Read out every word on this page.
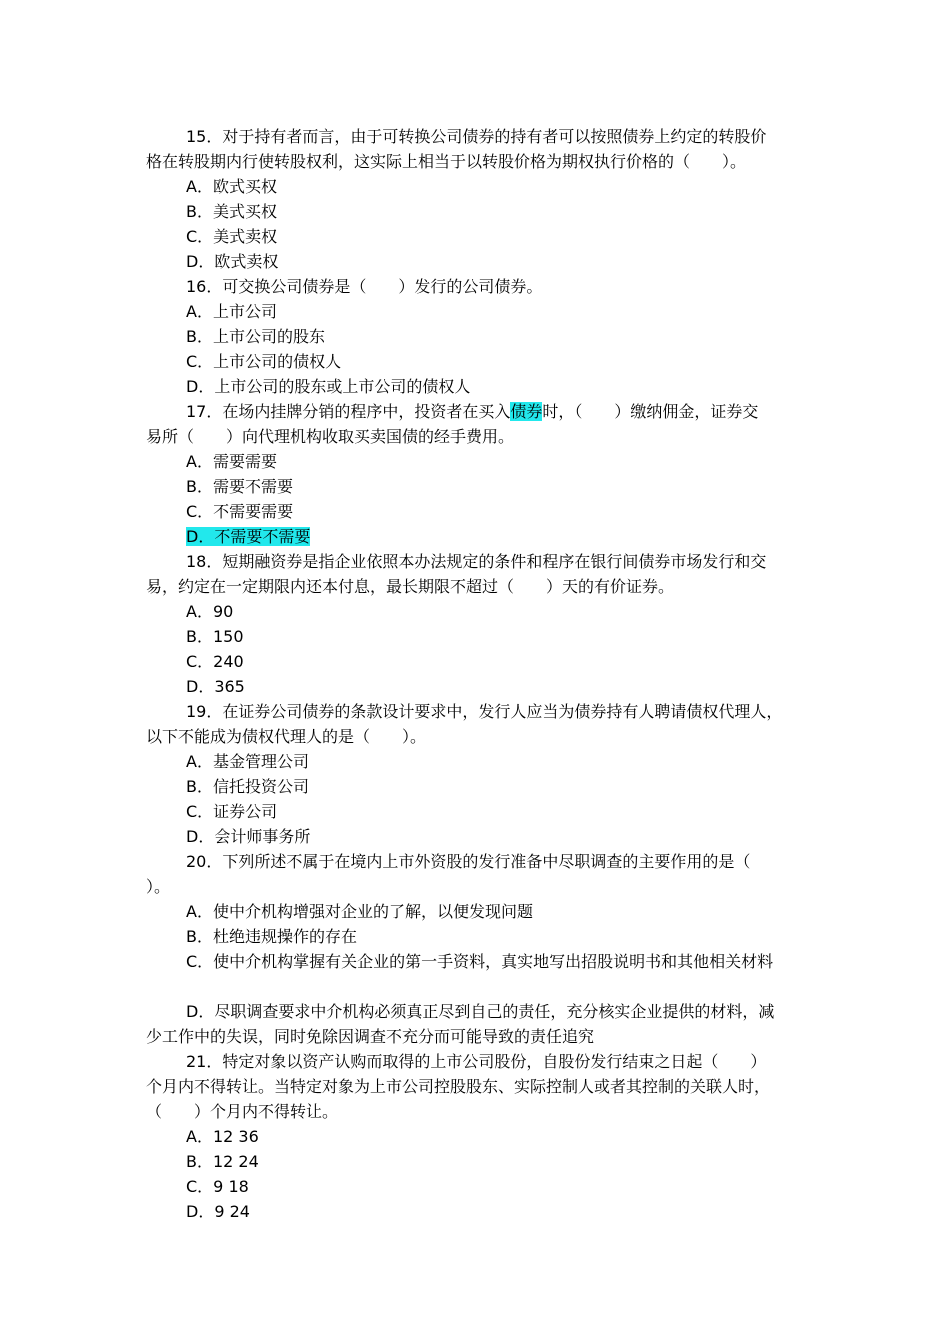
15．对于持有者而言，由于可转换公司债券的持有者可以按照债券上约定的转股价
格在转股期内行使转股权利，这实际上相当于以转股价格为期权执行价格的（　　）。
A．欧式买权
B．美式买权
C．美式卖权
D．欧式卖权
16．可交换公司债券是（　　）发行的公司债券。
A．上市公司
B．上市公司的股东
C．上市公司的债权人
D．上市公司的股东或上市公司的债权人
17．在场内挂牌分销的程序中，投资者在买入债券时，（　　）缴纳佣金，证券交
易所（　　）向代理机构收取买卖国债的经手费用。
A．需要需要
B．需要不需要
C．不需要需要
D．不需要不需要
18．短期融资券是指企业依照本办法规定的条件和程序在银行间债券市场发行和交
易，约定在一定期限内还本付息，最长期限不超过（　　）天的有价证券。
A．90
B．150
C．240
D．365
19．在证券公司债券的条款设计要求中，发行人应当为债券持有人聘请债权代理人，
以下不能成为债权代理人的是（　　）。
A．基金管理公司
B．信托投资公司
C．证券公司
D．会计师事务所
20．下列所述不属于在境内上市外资股的发行准备中尽职调查的主要作用的是（
）。
A．使中介机构增强对企业的了解，以便发现问题
B．杜绝违规操作的存在
C．使中介机构掌握有关企业的第一手资料，真实地写出招股说明书和其他相关材料
D．尽职调查要求中介机构必须真正尽到自己的责任，充分核实企业提供的材料，减
少工作中的失误，同时免除因调查不充分而可能导致的责任追究
21．特定对象以资产认购而取得的上市公司股份，自股份发行结束之日起（　　）
个月内不得转让。当特定对象为上市公司控股股东、实际控制人或者其控制的关联人时，
（　　）个月内不得转让。
A．12 36
B．12 24
C．9 18
D．9 24
